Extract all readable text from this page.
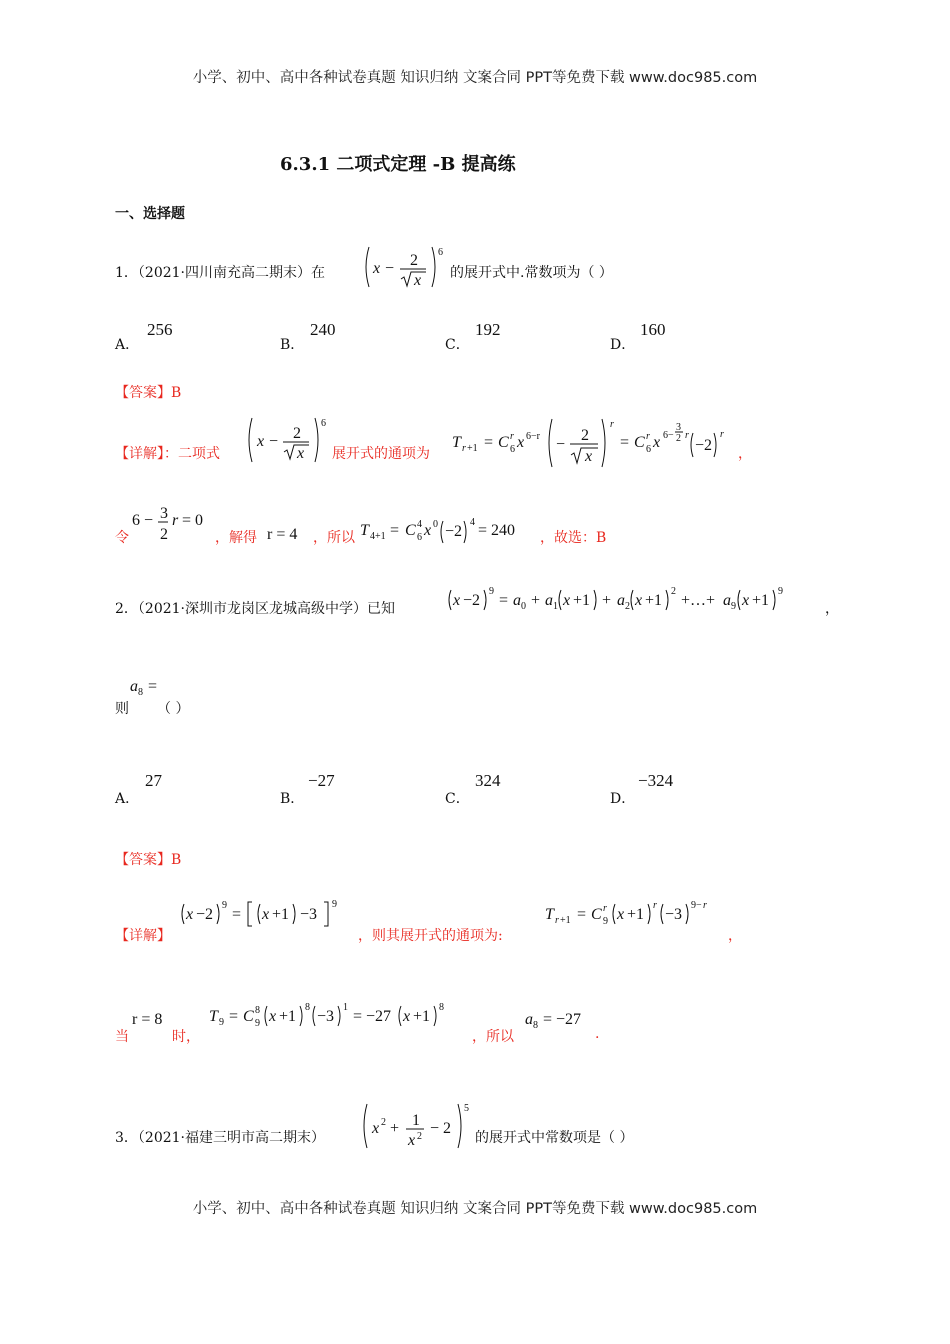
小学、初中、高中各种试卷真题 知识归纳 文案合同 PPT等免费下载 www.doc985.com
6.3.1 二项式定理 -B 提高练
一、选择题
1．（2021·四川南充高二期末）在	x − 2
x
6
的展开式中.常数项为（ ）
A．
256
B．
240
C．
192
D．
160
【答案】B
【详解】：二项式
x − 2
x
6
展开式的通项为
T r +1 = C r
6 x 6−r −
2
x
r
= C r
6 x 6−
3
2 r
−2
r
，
令
6 − 3
2
r = 0
，解得 r = 4 ，所以 T 4+1 = C 4
6 x 0 −2
4 = 240 ，故选：B
2．（2021·深圳市龙岗区龙城高级中学）已知	x −2
9
= a 0 + a 1 x +1 + a 2 x +1
2
+…+ a 9 x +1
9
，
a 8 =
则 （ ）
A．
27
B．
−27
C．
324
D．
−324
【答案】B
【详解】
x −2
9
= x +1 −3
9
，则其展开式的通项为:
T r +1 = C r
9 x +1
r
−3
9− r
，
当
r = 8
时，
T 9 = C 8
9 x +1
8
−3
1
= −27 x +1
8
，所以
a 8 = −27
.
3．（2021·福建三明市高二期末）
x 2 + 1
x 2 − 2
5
的展开式中常数项是（ ）
小学、初中、高中各种试卷真题 知识归纳 文案合同 PPT等免费下载 www.doc985.com
